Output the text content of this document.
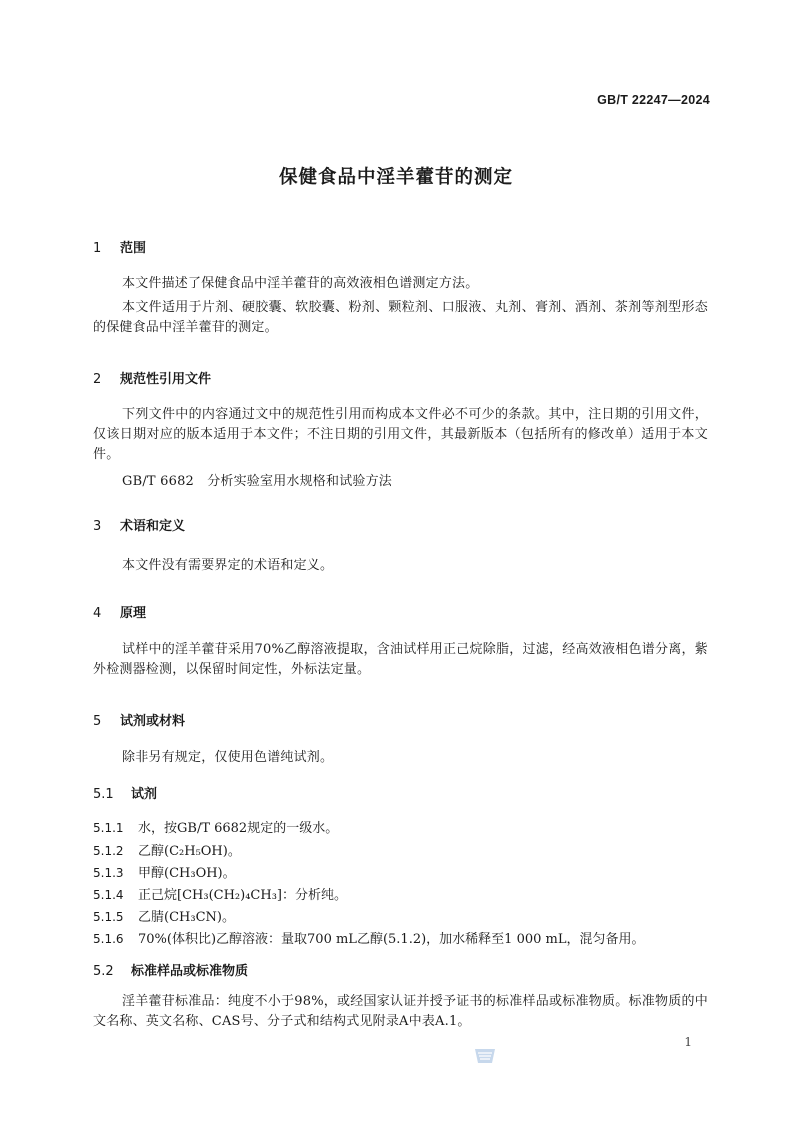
GB/T 22247—2024
保健食品中淫羊藿苷的测定
1 范围
本文件描述了保健食品中淫羊藿苷的高效液相色谱测定方法。
本文件适用于片剂、硬胶囊、软胶囊、粉剂、颗粒剂、口服液、丸剂、膏剂、酒剂、茶剂等剂型形态的保健食品中淫羊藿苷的测定。
2 规范性引用文件
下列文件中的内容通过文中的规范性引用而构成本文件必不可少的条款。其中，注日期的引用文件，仅该日期对应的版本适用于本文件；不注日期的引用文件，其最新版本（包括所有的修改单）适用于本文件。
GB/T 6682　分析实验室用水规格和试验方法
3 术语和定义
本文件没有需要界定的术语和定义。
4 原理
试样中的淫羊藿苷采用70%乙醇溶液提取，含油试样用正己烷除脂，过滤，经高效液相色谱分离，紫外检测器检测，以保留时间定性，外标法定量。
5 试剂或材料
除非另有规定，仅使用色谱纯试剂。
5.1 试剂
5.1.1 水，按GB/T 6682规定的一级水。
5.1.2 乙醇(C₂H₅OH)。
5.1.3 甲醇(CH₃OH)。
5.1.4 正己烷[CH₃(CH₂)₄CH₃]：分析纯。
5.1.5 乙腈(CH₃CN)。
5.1.6 70%(体积比)乙醇溶液：量取700 mL乙醇(5.1.2)，加水稀释至1 000 mL，混匀备用。
5.2 标准样品或标准物质
淫羊藿苷标准品：纯度不小于98%，或经国家认证并授予证书的标准样品或标准物质。标准物质的中文名称、英文名称、CAS号、分子式和结构式见附录A中表A.1。
1
